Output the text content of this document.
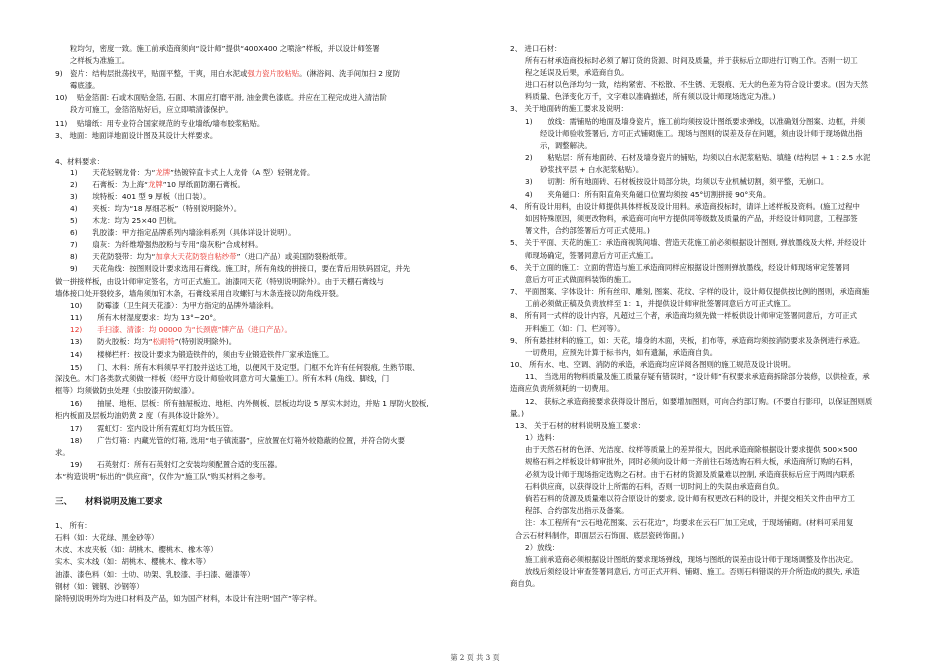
粒均匀，密度一致。施工前承造商须向“设计师”提供“400X400 之喷涂”样板，并以设计师签署
之样板为准施工。
9)　瓷片：结构层批荡找平，贴面平整，干爽，用白水泥或强力瓷片胶粘贴。(淋浴间、洗手间加扫 2 度防
霉底漆。
10)　 贴金箔面: 石或木面贴金箔, 石面、木面应打磨平滑, 油金黄色漆底。并应在工程完成进入清洁阶
段方可施工，金箔箔贴好后，应立即喷清漆保护。
11)　 贴墙纸：用专业符合国家规范的专业墙纸/墙布胶浆粘贴。
3、 地面：地面详地面设计图及其设计大样要求。
4、材料要求：
1)　　天花轻钢龙骨：为“龙牌”热镀锌直卡式上人龙骨（A 型）轻钢龙骨。
2)　　石膏板：为上海“龙牌”10 厚纸面防潮石膏板。
3)　　埃特板：401 型 9 厚板（出口装）。
4)　　夹板：均为“18 厚细芯板”（特别说明除外）。
5)　　木龙：均为 25×40 凹杭。
6)　　乳胶漆：甲方指定品牌系列内墙涂料系列（具体详设计说明）。
7)　　扇灰：为纤维增强热胶粉与专用“扇灰粉”合成材料。
8)　　天花防裂带：均为“加拿大天花防裂自粘纱带”（进口产品）或美国防裂粉纸带。
9)　　天花角线：按图则设计要求选用石膏线。施工时，所有角线的拼接口，要在背后用铁码固定，并先
做一拼接样板，由设计师审定签名，方可正式施工。油漆同天花（特别说明除外）。由于天棚石膏线与
墙体接口处开裂较多，墙角须加钉木条，石膏线采用自攻螺钉与木条连接以防角线开裂。
10)　　防霉漆（卫生间天花漆）：为甲方指定的品牌外墙涂料。
11)　　所有木材湿度要求：均为 13°~20°。
12)　　手扫漆、清漆：均 00000 为“长颈鹿”牌产品（进口产品）。
13)　　防火胶板：均为“松耐特”(特别说明除外)。
14)　　楼梯栏杆：按设计要求为锻造铁件的，须由专业锻造铁件厂家承造施工。
15)　　门、木料：所有木料须早平打胶并送达工地，以便风干及定型。门框不允许有任何裂痕, 生熟节眼、
深浅色。木门各类款式须做一样板（经甲方设计师验收同意方可大量施工）。所有木料 (角线、脚线，门
框等）均须做防虫处理（虫胶漆开防蚁漆）。
16)　　抽屉、地柜、层板：所有抽屉板边、地柜、内外侧板、层板边均设 5 厚实木封边，并贴 1 厚防火胶板,
柜内板面及层板均油奶黄 2 度（有具体设计除外）。
17)　　霓虹灯：室内设计所有霓虹灯均为低压管。
18)　　广告灯箱：内藏光管的灯箱, 选用“电子镇流器”，应放置在灯箱外较隐蔽的位置，并符合防火要
求。
19)　　石英射灯：所有石英射灯之安装均须配置合适的变压器。
本“构造说明”标出的“供应商”，仅作为“施工队”购买材料之参考。
三、　　材料说明及施工要求
1、 所有：
石料（如：大花绿、黑金砂等）
木皮、木皮夹板（如：胡桃木、樱桃木、橡木等）
实木、实木线（如：胡桃木、樱桃木、橡木等）
油漆、漆色料（如：士叻、叻架、乳胶漆、手扫漆、磁漆等）
钢材（如：镀钢、沙钢等）
除特别说明外均为进口材料及产品，如为国产材料，本设计有注明“国产”等字样。
2、 进口石材：
所有石材承造商投标时必须了解订货的货源、时间及质量，并于获标后立即进行订购工作。否则一切工
程之延误及后果，承造商自负。
进口石材以色泽均匀一致，结构紧密、不松散、不生锈、无裂痕、无大的色差为符合设计要求。(因为天然
料质量、色泽变化万千，文字难以准确描述，所有须以设计师现场选定为准。)
3、 关于地面砖的施工要求及说明：
1)　　放线：需铺贴的地面及墙身瓷片，施工前均须按设计图纸要求弹线，以准确划分图案、边框，并须
经设计师验收签署后, 方可正式铺砌施工。现场与图则的误差及存在问题，须由设计师于现场做出指
示，调整解决。
2)　　粘贴层：所有地面砖、石材及墙身瓷片的铺贴，均须以白水泥浆粘贴、填缝 (结构层 + 1 : 2.5 水泥
砂浆找平层 + 白水泥浆粘贴）。
3)　　切割：所有地面砖、石材板按设计局部分块，均须以专业机械切割，须平整，无崩口。
4)　　夹角磁口：所有阳直角夹角磁口位置均须按 45°切割拼接 90°夹角。
4、 所有设计用料，由设计师提供具体样板及设计用料。承造商投标时，请详上述样板及资料。(施工过程中
如因特殊原因，须更改物料，承造商可向甲方提供同等级数及质量的产品，并经设计师同意，工程部签
署文件，合约部签署后方可正式使用。)
5、 关于平面、天花的施工：承造商视筑间墙、营造天花施工前必须根据设计图则, 弹放墨线及大样, 并经设计
师现场确定，签署同意后方可正式施工。
6、 关于立面的施工：立面的营造与施工承造商同样应根据设计图则弹放墨线，经设计师现场审定签署同
意后方可正式做面料装饰的施工。
7、 平面图案、字体设计：所有丝印、雕刻, 图案、花纹、字样的设计，设计师仅提供按比例的图则，承造商施
工前必须做正稿及负责放样至 1：1，并提供设计师审批签署同意后方可正式施工。
8、 所有同一式样的设计内容，凡超过三个者，承造商均须先做一样板供设计师审定签署同意后，方可正式
开料施工（如：门、栏河等）。
9、 所有悬挂材料的施工，如：天花，墙身的木面，夹板，扪布等，承造商均须按消防要求及条例进行承造。
一切费用，应预先计算于标书内，如有遗漏，承造商自负。
10、 所有水、电、空调、消防的承造，承造商均应详阅各图则的施工规范及设计说明。
11、 当选用的物料质量及施工质量存疑有错误时，“设计师”有权要求承造商拆除部分装修，以供检查，承
造商应负责所须耗的一切费用。
12、 获标之承造商接要求获得设计图后，如要增加图则，可向合约部订购。(不要自行影印，以保证图则质
量。)
13、 关于石材的材料说明及施工要求：
1）选料：
由于天然石材的色泽、光洁度、纹样等质量上的差异很大，因此承造商除根据设计要求提供 500×500
规格石料之样板设计师审批外，同时必须向设计师一齐前往石场选购石料大板，承造商所订购的石料，
必须为设计师于现场指定选购之石材。由于石材的货源及质量难以控制, 承造商获标后应于两周内联系
石料供应商，以获得设计上所需的石料，否则一切时间上的失误由承造商自负。
倘若石料的货源及质量难以符合原设计的要求, 设计师有权更改石料的设计，并提交相关文件由甲方工
程部、合约部发出指示及备案。
注：本工程所有“云石地花图案、云石花边”，均要求在云石厂加工完成，于现场铺砌。(材料可采用复
合云石材料制作，即面层云石饰面、底层瓷砖饰面。)
2）放线：
施工前承造商必须根据设计图纸的要求现场弹线，现场与图纸的误差由设计师于现场调整及作出决定。
放线后须经设计审查签署同意后, 方可正式开料、铺砌、施工。否则石料错误的开介所造成的损失, 承造
商自负。
第 2 页 共 3 页
